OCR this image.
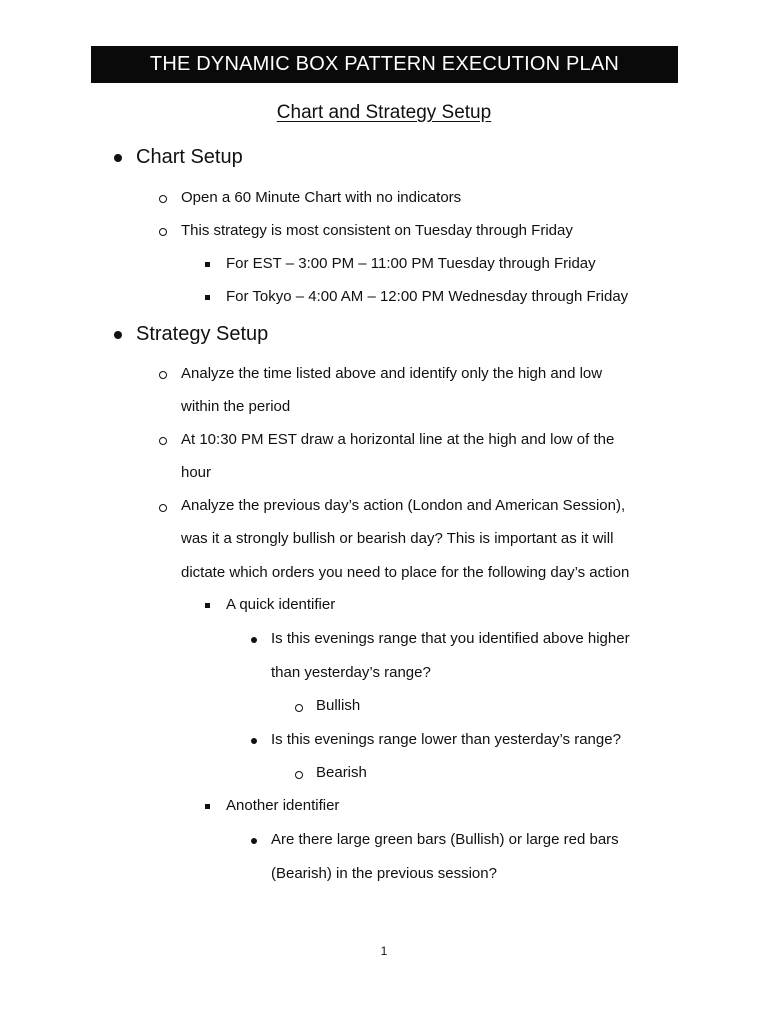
THE DYNAMIC BOX PATTERN EXECUTION PLAN
Chart and Strategy Setup
Chart Setup
Open a 60 Minute Chart with no indicators
This strategy is most consistent on Tuesday through Friday
For EST – 3:00 PM – 11:00 PM Tuesday through Friday
For Tokyo – 4:00 AM – 12:00 PM Wednesday through Friday
Strategy Setup
Analyze the time listed above and identify only the high and low
within the period
At 10:30 PM EST draw a horizontal line at the high and low of the
hour
Analyze the previous day’s action (London and American Session),
was it a strongly bullish or bearish day? This is important as it will
dictate which orders you need to place for the following day’s action
A quick identifier
Is this evenings range that you identified above higher
than yesterday’s range?
Bullish
Is this evenings range lower than yesterday’s range?
Bearish
Another identifier
Are there large green bars (Bullish) or large red bars
(Bearish) in the previous session?
1
